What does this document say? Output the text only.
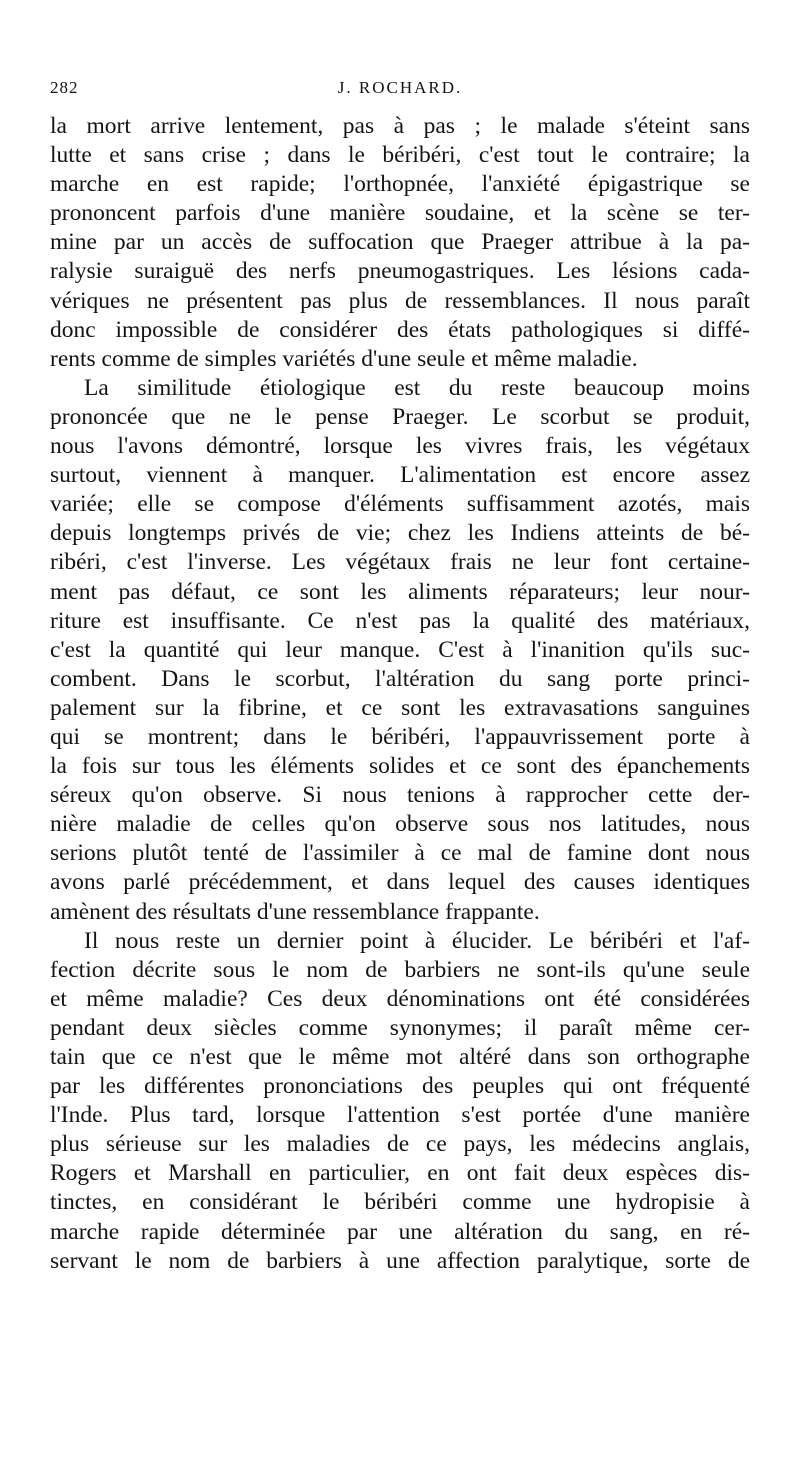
282	J. ROCHARD.
la mort arrive lentement, pas à pas ; le malade s'éteint sans
lutte et sans crise ; dans le béribéri, c'est tout le contraire; la
marche en est rapide; l'orthopnée, l'anxiété épigastrique se
prononcent parfois d'une manière soudaine, et la scène se ter-
mine par un accès de suffocation que Praeger attribue à la pa-
ralysie suraiguë des nerfs pneumogastriques. Les lésions cada-
vériques ne présentent pas plus de ressemblances. Il nous paraît
donc impossible de considérer des états pathologiques si diffé-
rents comme de simples variétés d'une seule et même maladie.
La similitude étiologique est du reste beaucoup moins
prononcée que ne le pense Praeger. Le scorbut se produit,
nous l'avons démontré, lorsque les vivres frais, les végétaux
surtout, viennent à manquer. L'alimentation est encore assez
variée; elle se compose d'éléments suffisamment azotés, mais
depuis longtemps privés de vie; chez les Indiens atteints de bé-
ribéri, c'est l'inverse. Les végétaux frais ne leur font certaine-
ment pas défaut, ce sont les aliments réparateurs; leur nour-
riture est insuffisante. Ce n'est pas la qualité des matériaux,
c'est la quantité qui leur manque. C'est à l'inanition qu'ils suc-
combent. Dans le scorbut, l'altération du sang porte princi-
palement sur la fibrine, et ce sont les extravasations sanguines
qui se montrent; dans le béribéri, l'appauvrissement porte à
la fois sur tous les éléments solides et ce sont des épanchements
séreux qu'on observe. Si nous tenions à rapprocher cette der-
nière maladie de celles qu'on observe sous nos latitudes, nous
serions plutôt tenté de l'assimiler à ce mal de famine dont nous
avons parlé précédemment, et dans lequel des causes identiques
amènent des résultats d'une ressemblance frappante.
Il nous reste un dernier point à élucider. Le béribéri et l'af-
fection décrite sous le nom de barbiers ne sont-ils qu'une seule
et même maladie? Ces deux dénominations ont été considérées
pendant deux siècles comme synonymes; il paraît même cer-
tain que ce n'est que le même mot altéré dans son orthographe
par les différentes prononciations des peuples qui ont fréquenté
l'Inde. Plus tard, lorsque l'attention s'est portée d'une manière
plus sérieuse sur les maladies de ce pays, les médecins anglais,
Rogers et Marshall en particulier, en ont fait deux espèces dis-
tinctes, en considérant le béribéri comme une hydropisie à
marche rapide déterminée par une altération du sang, en ré-
servant le nom de barbiers à une affection paralytique, sorte de
